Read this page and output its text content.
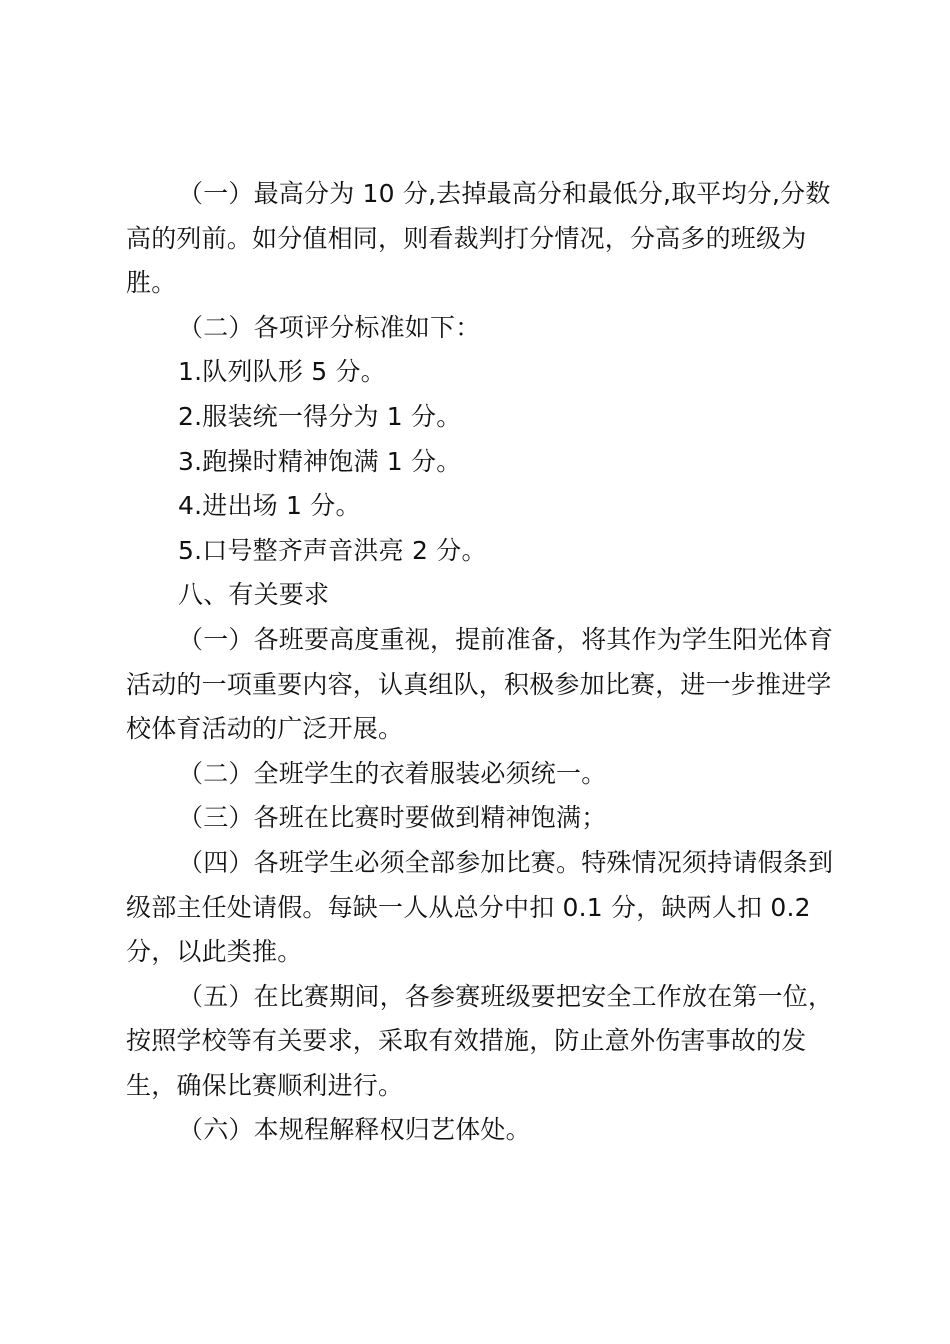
（一）最高分为 10 分,去掉最高分和最低分,取平均分,分数高的列前。如分值相同，则看裁判打分情况，分高多的班级为胜。

（二）各项评分标准如下：

1.队列队形 5 分。

2.服装统一得分为 1 分。

3.跑操时精神饱满 1 分。

4.进出场 1 分。

5.口号整齐声音洪亮 2 分。

八、有关要求

（一）各班要高度重视，提前准备，将其作为学生阳光体育活动的一项重要内容，认真组队，积极参加比赛，进一步推进学校体育活动的广泛开展。

（二）全班学生的衣着服装必须统一。

（三）各班在比赛时要做到精神饱满；

（四）各班学生必须全部参加比赛。特殊情况须持请假条到级部主任处请假。每缺一人从总分中扣 0.1 分，缺两人扣 0.2 分，以此类推。

（五）在比赛期间，各参赛班级要把安全工作放在第一位，按照学校等有关要求，采取有效措施，防止意外伤害事故的发生，确保比赛顺利进行。

（六）本规程解释权归艺体处。
